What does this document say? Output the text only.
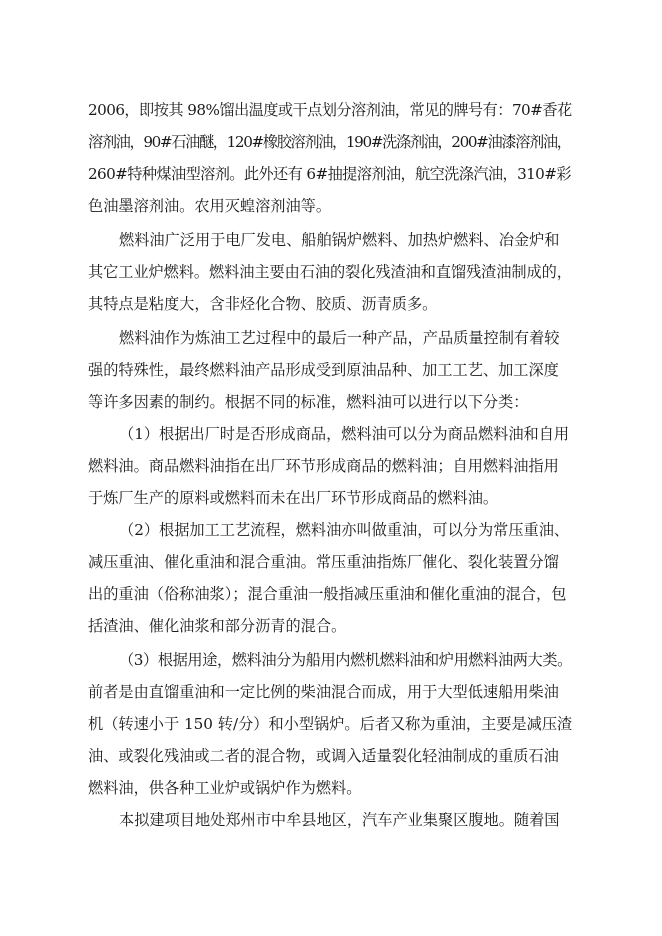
2006，即按其 98%馏出温度或干点划分溶剂油，常见的牌号有：70#香花
溶剂油，90#石油醚，120#橡胶溶剂油，190#洗涤剂油，200#油漆溶剂油，
260#特种煤油型溶剂。此外还有 6#抽提溶剂油，航空洗涤汽油，310#彩
色油墨溶剂油。农用灭蝗溶剂油等。
燃料油广泛用于电厂发电、船舶锅炉燃料、加热炉燃料、冶金炉和
其它工业炉燃料。燃料油主要由石油的裂化残渣油和直馏残渣油制成的，
其特点是粘度大，含非烃化合物、胶质、沥青质多。
燃料油作为炼油工艺过程中的最后一种产品，产品质量控制有着较
强的特殊性，最终燃料油产品形成受到原油品种、加工工艺、加工深度
等许多因素的制约。根据不同的标准，燃料油可以进行以下分类：
（1）根据出厂时是否形成商品，燃料油可以分为商品燃料油和自用
燃料油。商品燃料油指在出厂环节形成商品的燃料油；自用燃料油指用
于炼厂生产的原料或燃料而未在出厂环节形成商品的燃料油。
（2）根据加工工艺流程，燃料油亦叫做重油，可以分为常压重油、
减压重油、催化重油和混合重油。常压重油指炼厂催化、裂化装置分馏
出的重油（俗称油浆）；混合重油一般指减压重油和催化重油的混合，包
括渣油、催化油浆和部分沥青的混合。
（3）根据用途，燃料油分为船用内燃机燃料油和炉用燃料油两大类。
前者是由直馏重油和一定比例的柴油混合而成，用于大型低速船用柴油
机（转速小于 150 转/分）和小型锅炉。后者又称为重油，主要是减压渣
油、或裂化残油或二者的混合物，或调入适量裂化轻油制成的重质石油
燃料油，供各种工业炉或锅炉作为燃料。
本拟建项目地处郑州市中牟县地区，汽车产业集聚区腹地。随着国
